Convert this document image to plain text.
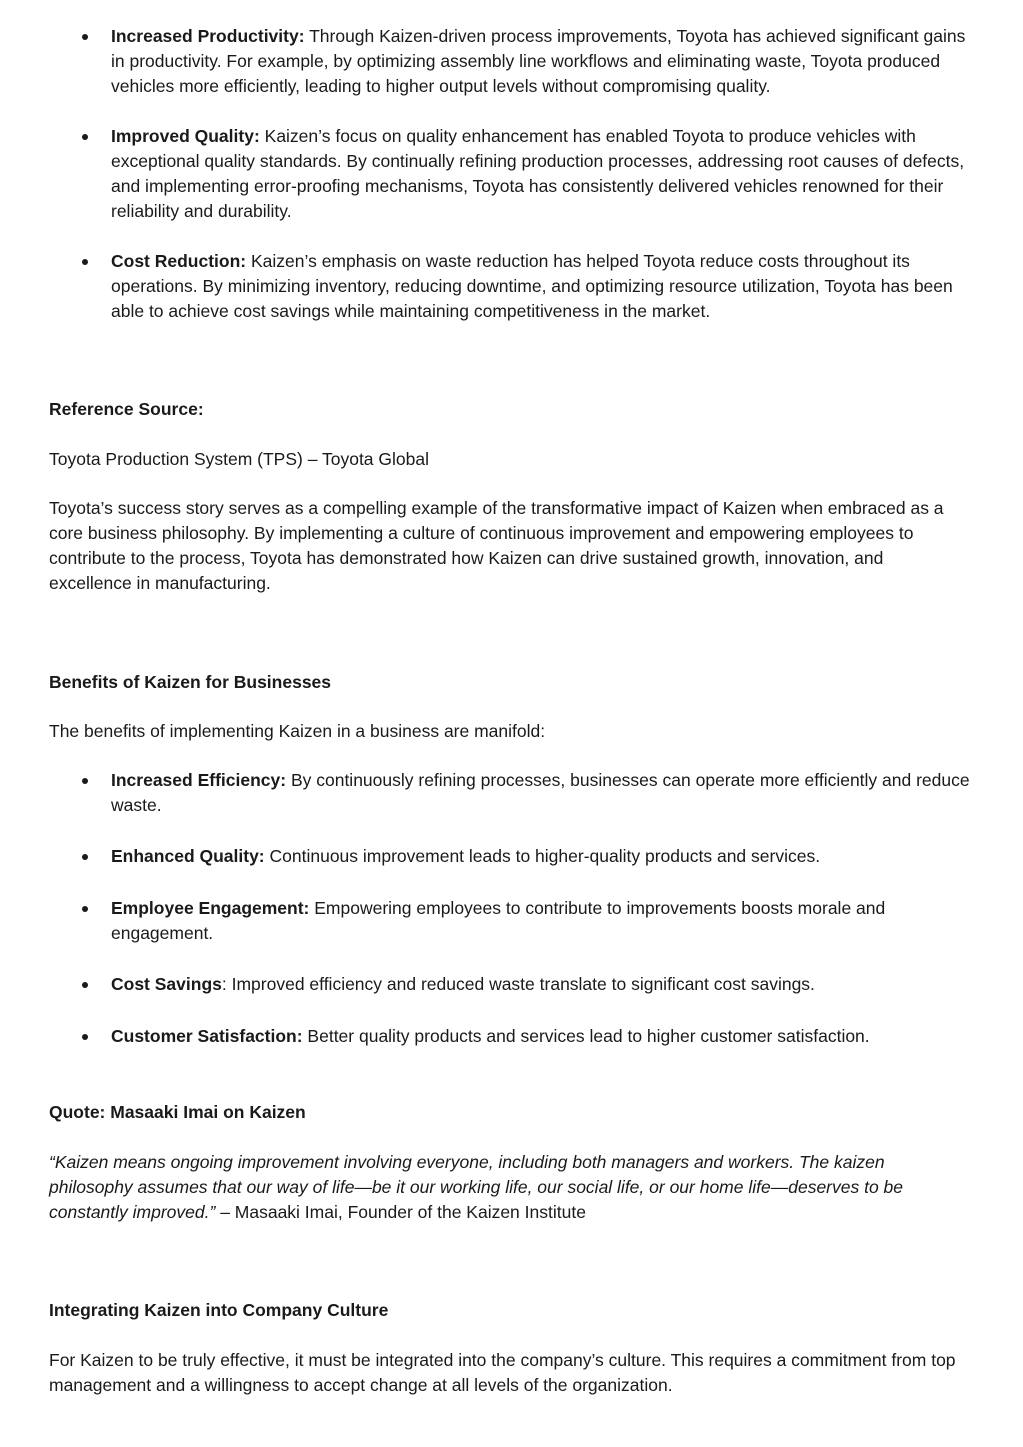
Increased Productivity: Through Kaizen-driven process improvements, Toyota has achieved significant gains in productivity. For example, by optimizing assembly line workflows and eliminating waste, Toyota produced vehicles more efficiently, leading to higher output levels without compromising quality.
Improved Quality: Kaizen’s focus on quality enhancement has enabled Toyota to produce vehicles with exceptional quality standards. By continually refining production processes, addressing root causes of defects, and implementing error-proofing mechanisms, Toyota has consistently delivered vehicles renowned for their reliability and durability.
Cost Reduction: Kaizen’s emphasis on waste reduction has helped Toyota reduce costs throughout its operations. By minimizing inventory, reducing downtime, and optimizing resource utilization, Toyota has been able to achieve cost savings while maintaining competitiveness in the market.

Reference Source:

Toyota Production System (TPS) – Toyota Global

Toyota’s success story serves as a compelling example of the transformative impact of Kaizen when embraced as a core business philosophy. By implementing a culture of continuous improvement and empowering employees to contribute to the process, Toyota has demonstrated how Kaizen can drive sustained growth, innovation, and excellence in manufacturing.

Benefits of Kaizen for Businesses

The benefits of implementing Kaizen in a business are manifold:

Increased Efficiency: By continuously refining processes, businesses can operate more efficiently and reduce waste.
Enhanced Quality: Continuous improvement leads to higher-quality products and services.
Employee Engagement: Empowering employees to contribute to improvements boosts morale and engagement.
Cost Savings: Improved efficiency and reduced waste translate to significant cost savings.
Customer Satisfaction: Better quality products and services lead to higher customer satisfaction.

Quote: Masaaki Imai on Kaizen

“Kaizen means ongoing improvement involving everyone, including both managers and workers. The kaizen philosophy assumes that our way of life—be it our working life, our social life, or our home life—deserves to be constantly improved.” – Masaaki Imai, Founder of the Kaizen Institute

Integrating Kaizen into Company Culture

For Kaizen to be truly effective, it must be integrated into the company’s culture. This requires a commitment from top management and a willingness to accept change at all levels of the organization.
